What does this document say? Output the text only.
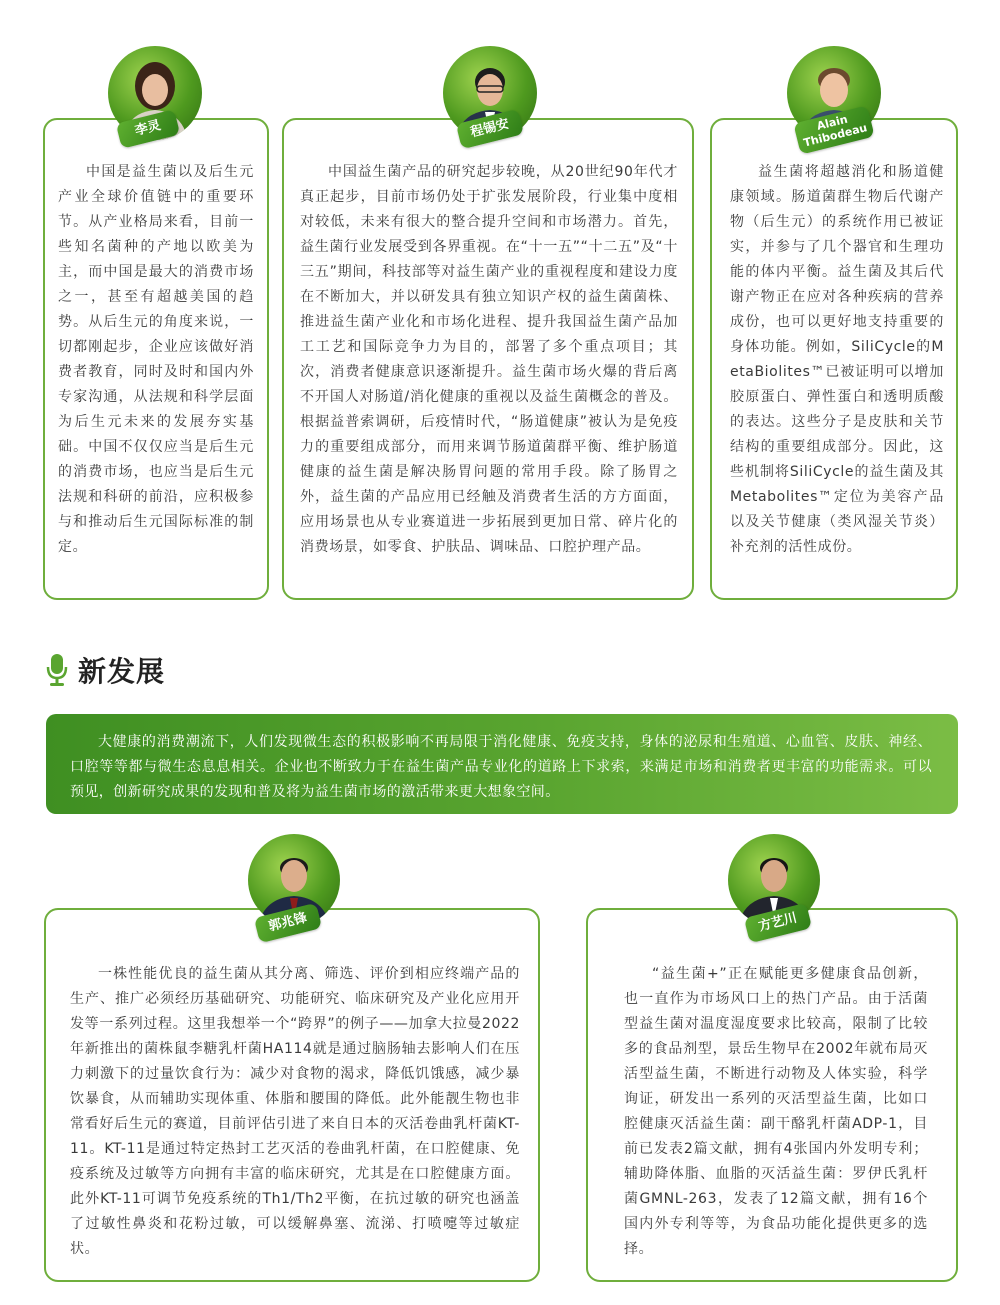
中国是益生菌以及后生元产业全球价值链中的重要环节。从产业格局来看，目前一些知名菌种的产地以欧美为主，而中国是最大的消费市场之一，甚至有超越美国的趋势。从后生元的角度来说，一切都刚起步，企业应该做好消费者教育，同时及时和国内外专家沟通，从法规和科学层面为后生元未来的发展夯实基础。中国不仅仅应当是后生元的消费市场，也应当是后生元法规和科研的前沿，应积极参与和推动后生元国际标准的制定。
李灵
中国益生菌产品的研究起步较晚，从20世纪90年代才真正起步，目前市场仍处于扩张发展阶段，行业集中度相对较低，未来有很大的整合提升空间和市场潜力。首先，益生菌行业发展受到各界重视。在“十一五”“十二五”及“十三五”期间，科技部等对益生菌产业的重视程度和建设力度在不断加大，并以研发具有独立知识产权的益生菌菌株、推进益生菌产业化和市场化进程、提升我国益生菌产品加工工艺和国际竞争力为目的，部署了多个重点项目；其次，消费者健康意识逐渐提升。益生菌市场火爆的背后离不开国人对肠道/消化健康的重视以及益生菌概念的普及。根据益普索调研，后疫情时代，“肠道健康”被认为是免疫力的重要组成部分，而用来调节肠道菌群平衡、维护肠道健康的益生菌是解决肠胃问题的常用手段。除了肠胃之外，益生菌的产品应用已经触及消费者生活的方方面面，应用场景也从专业赛道进一步拓展到更加日常、碎片化的消费场景，如零食、护肤品、调味品、口腔护理产品。
程锡安
益生菌将超越消化和肠道健康领域。肠道菌群生物后代谢产物（后生元）的系统作用已被证实，并参与了几个器官和生理功能的体内平衡。益生菌及其后代谢产物正在应对各种疾病的营养成份，也可以更好地支持重要的身体功能。例如，SiliCycle的MetaBiolites™已被证明可以增加胶原蛋白、弹性蛋白和透明质酸的表达。这些分子是皮肤和关节结构的重要组成部分。因此，这些机制将SiliCycle的益生菌及其Metabolites™定位为美容产品以及关节健康（类风湿关节炎）补充剂的活性成份。
Alain Thibodeau
新发展
大健康的消费潮流下，人们发现微生态的积极影响不再局限于消化健康、免疫支持，身体的泌尿和生殖道、心血管、皮肤、神经、口腔等等都与微生态息息相关。企业也不断致力于在益生菌产品专业化的道路上下求索，来满足市场和消费者更丰富的功能需求。可以预见，创新研究成果的发现和普及将为益生菌市场的激活带来更大想象空间。
一株性能优良的益生菌从其分离、筛选、评价到相应终端产品的生产、推广必须经历基础研究、功能研究、临床研究及产业化应用开发等一系列过程。这里我想举一个“跨界”的例子——加拿大拉曼2022年新推出的菌株鼠李糖乳杆菌HA114就是通过脑肠轴去影响人们在压力刺激下的过量饮食行为：减少对食物的渴求，降低饥饿感，减少暴饮暴食，从而辅助实现体重、体脂和腰围的降低。此外能靓生物也非常看好后生元的赛道，目前评估引进了来自日本的灭活卷曲乳杆菌KT-11。KT-11是通过特定热封工艺灭活的卷曲乳杆菌，在口腔健康、免疫系统及过敏等方向拥有丰富的临床研究，尤其是在口腔健康方面。此外KT-11可调节免疫系统的Th1/Th2平衡，在抗过敏的研究也涵盖了过敏性鼻炎和花粉过敏，可以缓解鼻塞、流涕、打喷嚏等过敏症状。
郭兆锋
“益生菌+”正在赋能更多健康食品创新，也一直作为市场风口上的热门产品。由于活菌型益生菌对温度湿度要求比较高，限制了比较多的食品剂型，景岳生物早在2002年就布局灭活型益生菌，不断进行动物及人体实验，科学询证，研发出一系列的灭活型益生菌，比如口腔健康灭活益生菌：副干酪乳杆菌ADP-1，目前已发表2篇文献，拥有4张国内外发明专利；辅助降体脂、血脂的灭活益生菌：罗伊氏乳杆菌GMNL-263，发表了12篇文献，拥有16个国内外专利等等，为食品功能化提供更多的选择。
方艺川
